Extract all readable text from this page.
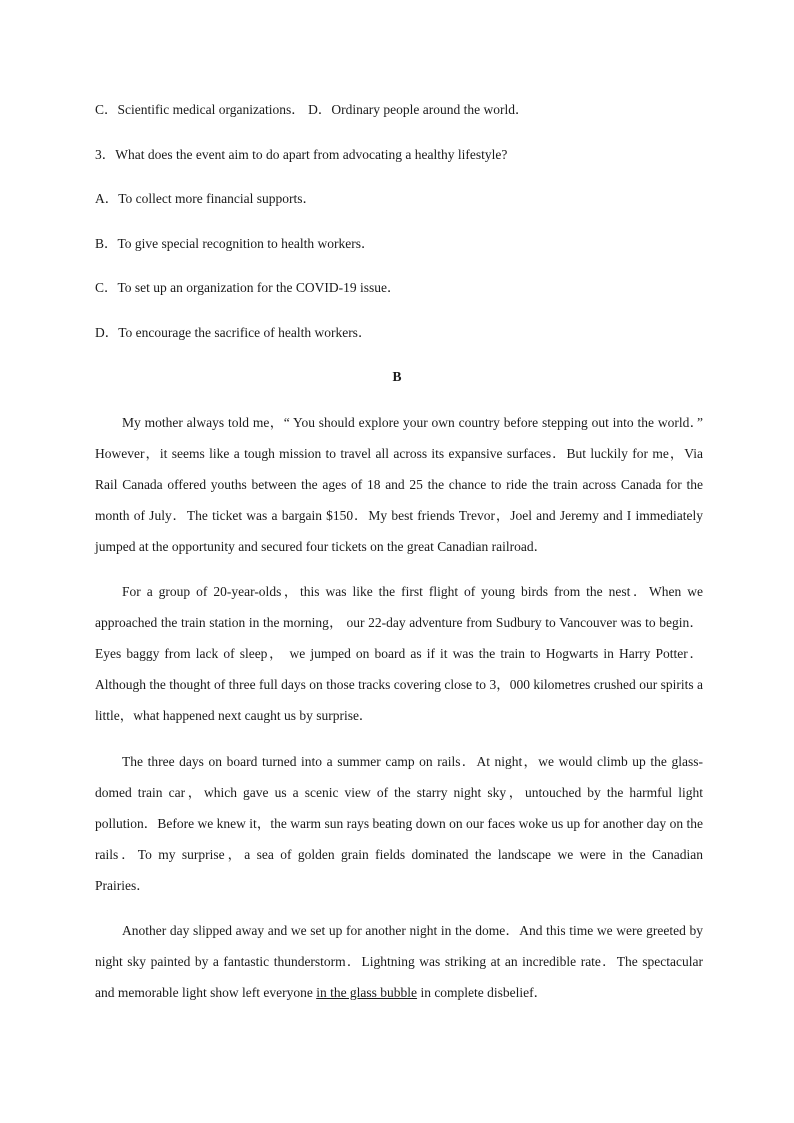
C．Scientific medical organizations． D．Ordinary people around the world．
3．What does the event aim to do apart from advocating a healthy lifestyle?
A．To collect more financial supports．
B．To give special recognition to health workers．
C．To set up an organization for the COVID-19 issue．
D．To encourage the sacrifice of health workers．
B

My mother always told me，“ You should explore your own country before stepping out into the world．” However，it seems like a tough mission to travel all across its expansive surfaces．But luckily for me，Via Rail Canada offered youths between the ages of 18 and 25 the chance to ride the train across Canada for the month of July．The ticket was a bargain $150．My best friends Trevor，Joel and Jeremy and I immediately jumped at the opportunity and secured four tickets on the great Canadian railroad．

For a group of 20-year-olds，this was like the first flight of young birds from the nest．When we approached the train station in the morning， our 22-day adventure from Sudbury to Vancouver was to begin．Eyes baggy from lack of sleep， we jumped on board as if it was the train to Hogwarts in Harry Potter．Although the thought of three full days on those tracks covering close to 3，000 kilometres crushed our spirits a little，what happened next caught us by surprise．

The three days on board turned into a summer camp on rails．At night，we would climb up the glass-domed train car，which gave us a scenic view of the starry night sky，untouched by the harmful light pollution．Before we knew it，the warm sun rays beating down on our faces woke us up for another day on the rails．To my surprise，a sea of golden grain fields dominated the landscape we were in the Canadian Prairies．

Another day slipped away and we set up for another night in the dome．And this time we were greeted by night sky painted by a fantastic thunderstorm．Lightning was striking at an incredible rate．The spectacular and memorable light show left everyone in the glass bubble in complete disbelief．
